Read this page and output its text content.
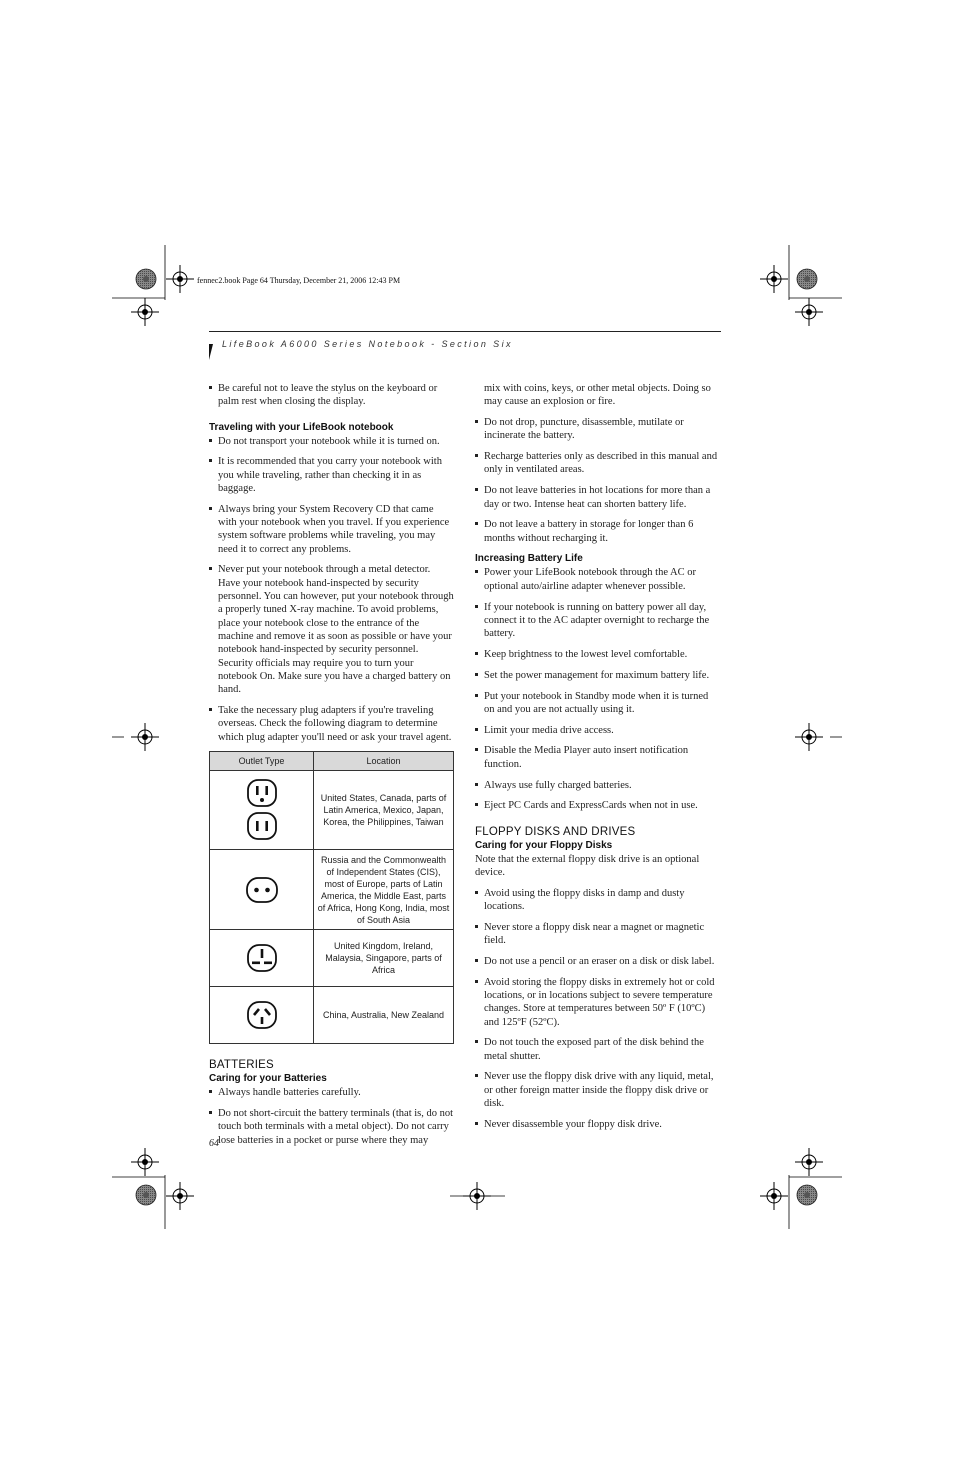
fennec2.book Page 64 Thursday, December 21, 2006 12:43 PM
LifeBook A6000 Series Notebook - Section Six
Be careful not to leave the stylus on the keyboard or palm rest when closing the display.
Traveling with your LifeBook notebook
Do not transport your notebook while it is turned on.
It is recommended that you carry your notebook with you while traveling, rather than checking it in as baggage.
Always bring your System Recovery CD that came with your notebook when you travel. If you experience system software problems while traveling, you may need it to correct any problems.
Never put your notebook through a metal detector. Have your notebook hand-inspected by security personnel. You can however, put your notebook through a properly tuned X-ray machine. To avoid problems, place your notebook close to the entrance of the machine and remove it as soon as possible or have your notebook hand-inspected by security personnel. Security officials may require you to turn your notebook On. Make sure you have a charged battery on hand.
Take the necessary plug adapters if you're traveling overseas. Check the following diagram to determine which plug adapter you'll need or ask your travel agent.
Outlet Type	Location

	United States, Canada, parts of Latin America, Mexico, Japan, Korea, the Philippines, Taiwan

	Russia and the Commonwealth of Independent States (CIS), most of Europe, parts of Latin America, the Middle East, parts of Africa, Hong Kong, India, most of South Asia

	United Kingdom, Ireland, Malaysia, Singapore, parts of Africa

	China, Australia, New Zealand
BATTERIES
Caring for your Batteries
Always handle batteries carefully.
Do not short-circuit the battery terminals (that is, do not touch both terminals with a metal object). Do not carry lose batteries in a pocket or purse where they may
mix with coins, keys, or other metal objects. Doing so may cause an explosion or fire.
Do not drop, puncture, disassemble, mutilate or incinerate the battery.
Recharge batteries only as described in this manual and only in ventilated areas.
Do not leave batteries in hot locations for more than a day or two. Intense heat can shorten battery life.
Do not leave a battery in storage for longer than 6 months without recharging it.
Increasing Battery Life
Power your LifeBook notebook through the AC or optional auto/airline adapter whenever possible.
If your notebook is running on battery power all day, connect it to the AC adapter overnight to recharge the battery.
Keep brightness to the lowest level comfortable.
Set the power management for maximum battery life.
Put your notebook in Standby mode when it is turned on and you are not actually using it.
Limit your media drive access.
Disable the Media Player auto insert notification function.
Always use fully charged batteries.
Eject PC Cards and ExpressCards when not in use.
FLOPPY DISKS AND DRIVES
Caring for your Floppy Disks
Note that the external floppy disk drive is an optional device.
Avoid using the floppy disks in damp and dusty locations.
Never store a floppy disk near a magnet or magnetic field.
Do not use a pencil or an eraser on a disk or disk label.
Avoid storing the floppy disks in extremely hot or cold locations, or in locations subject to severe temperature changes. Store at temperatures between 50º F (10ºC) and 125ºF (52ºC).
Do not touch the exposed part of the disk behind the metal shutter.
Never use the floppy disk drive with any liquid, metal, or other foreign matter inside the floppy disk drive or disk.
Never disassemble your floppy disk drive.
64
